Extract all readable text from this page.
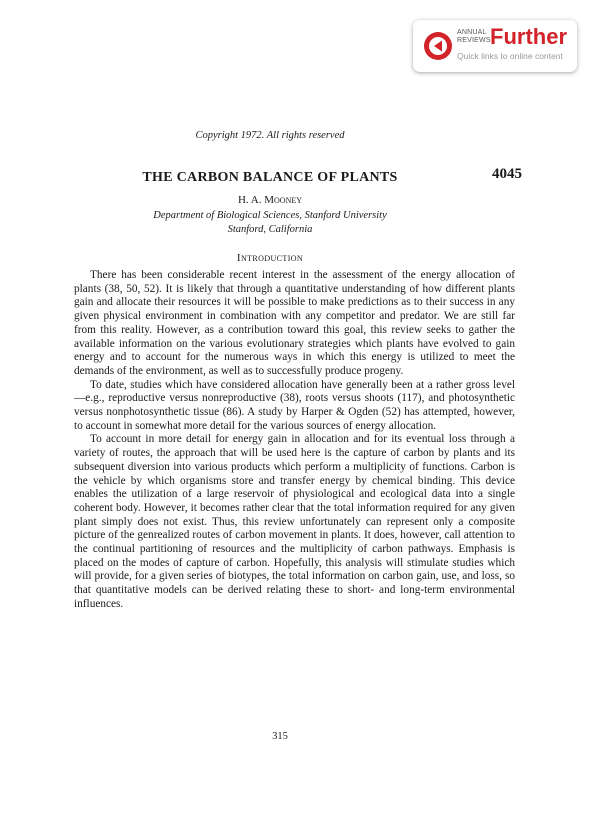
ANNUAL
REVIEWS Further
Quick links to online content
Copyright 1972. All rights reserved
THE CARBON BALANCE OF PLANTS	4045
H. A. Mooney
Department of Biological Sciences, Stanford University
Stanford, California
Introduction

There has been considerable recent interest in the assessment of the energy allocation of plants (38, 50, 52). It is likely that through a quantitative understanding of how different plants gain and allocate their resources it will be possible to make predictions as to their success in any given physical environment in combination with any competitor and predator. We are still far from this reality. However, as a contribution toward this goal, this review seeks to gather the available information on the various evolutionary strategies which plants have evolved to gain energy and to account for the numerous ways in which this energy is utilized to meet the demands of the environment, as well as to successfully produce progeny.

To date, studies which have considered allocation have generally been at a rather gross level—e.g., reproductive versus nonreproductive (38), roots versus shoots (117), and photosynthetic versus nonphotosynthetic tissue (86). A study by Harper & Ogden (52) has attempted, however, to account in somewhat more detail for the various sources of energy allocation.

To account in more detail for energy gain in allocation and for its eventual loss through a variety of routes, the approach that will be used here is the capture of carbon by plants and its subsequent diversion into various products which perform a multiplicity of functions. Carbon is the vehicle by which organisms store and transfer energy by chemical binding. This device enables the utilization of a large reservoir of physiological and ecological data into a single coherent body. However, it becomes rather clear that the total information required for any given plant simply does not exist. Thus, this review unfortunately can represent only a composite picture of the genrealized routes of carbon movement in plants. It does, however, call attention to the continual partitioning of resources and the multiplicity of carbon pathways. Emphasis is placed on the modes of capture of carbon. Hopefully, this analysis will stimulate studies which will provide, for a given series of biotypes, the total information on carbon gain, use, and loss, so that quantitative models can be derived relating these to short- and long-term environmental influences.

315
